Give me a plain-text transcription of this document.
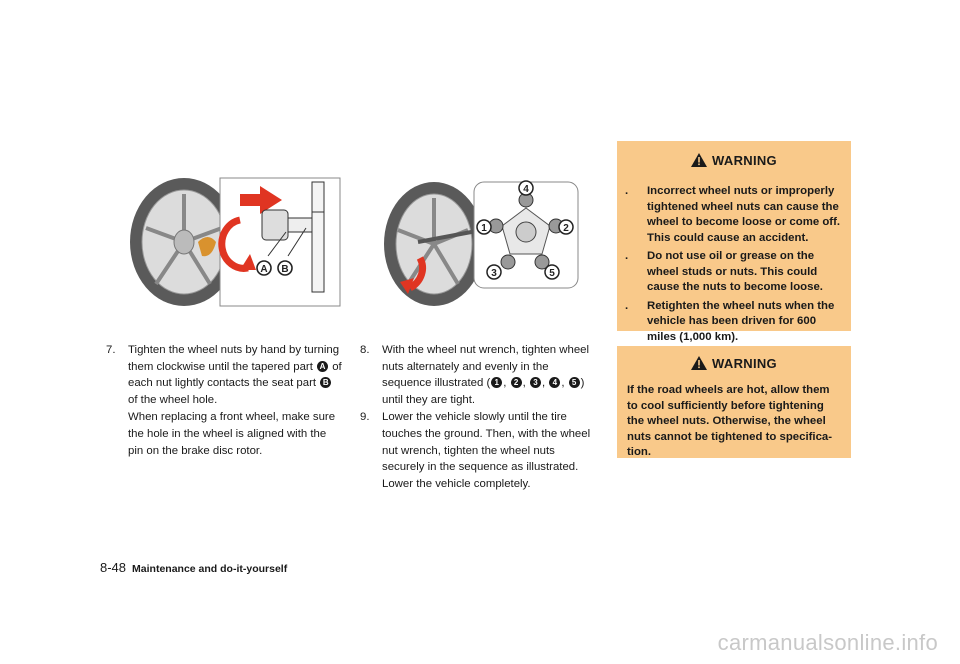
A B
4
2
5
3
1
7. Tighten the wheel nuts by hand by turning them clockwise until the tapered part A of each nut lightly contacts the seat part B of the wheel hole.

When replacing a front wheel, make sure the hole in the wheel is aligned with the pin on the brake disc rotor.

8. With the wheel nut wrench, tighten wheel nuts alternately and evenly in the sequence illustrated ( 1 , 2 , 3 , 4 , 5 ) until they are tight.

9. Lower the vehicle slowly until the tire touches the ground. Then, with the wheel nut wrench, tighten the wheel nuts securely in the sequence as illustrated. Lower the vehicle completely.

WARNING
. Incorrect wheel nuts or improperly tightened wheel nuts can cause the wheel to become loose or come off. This could cause an accident.
. Do not use oil or grease on the wheel studs or nuts. This could cause the nuts to become loose.
. Retighten the wheel nuts when the vehicle has been driven for 600 miles (1,000 km).
WARNING

If the road wheels are hot, allow them to cool sufficiently before tightening the wheel nuts. Otherwise, the wheel nuts cannot be tightened to specifica-tion.

8-48 Maintenance and do-it-yourself
carmanualsonline.info
